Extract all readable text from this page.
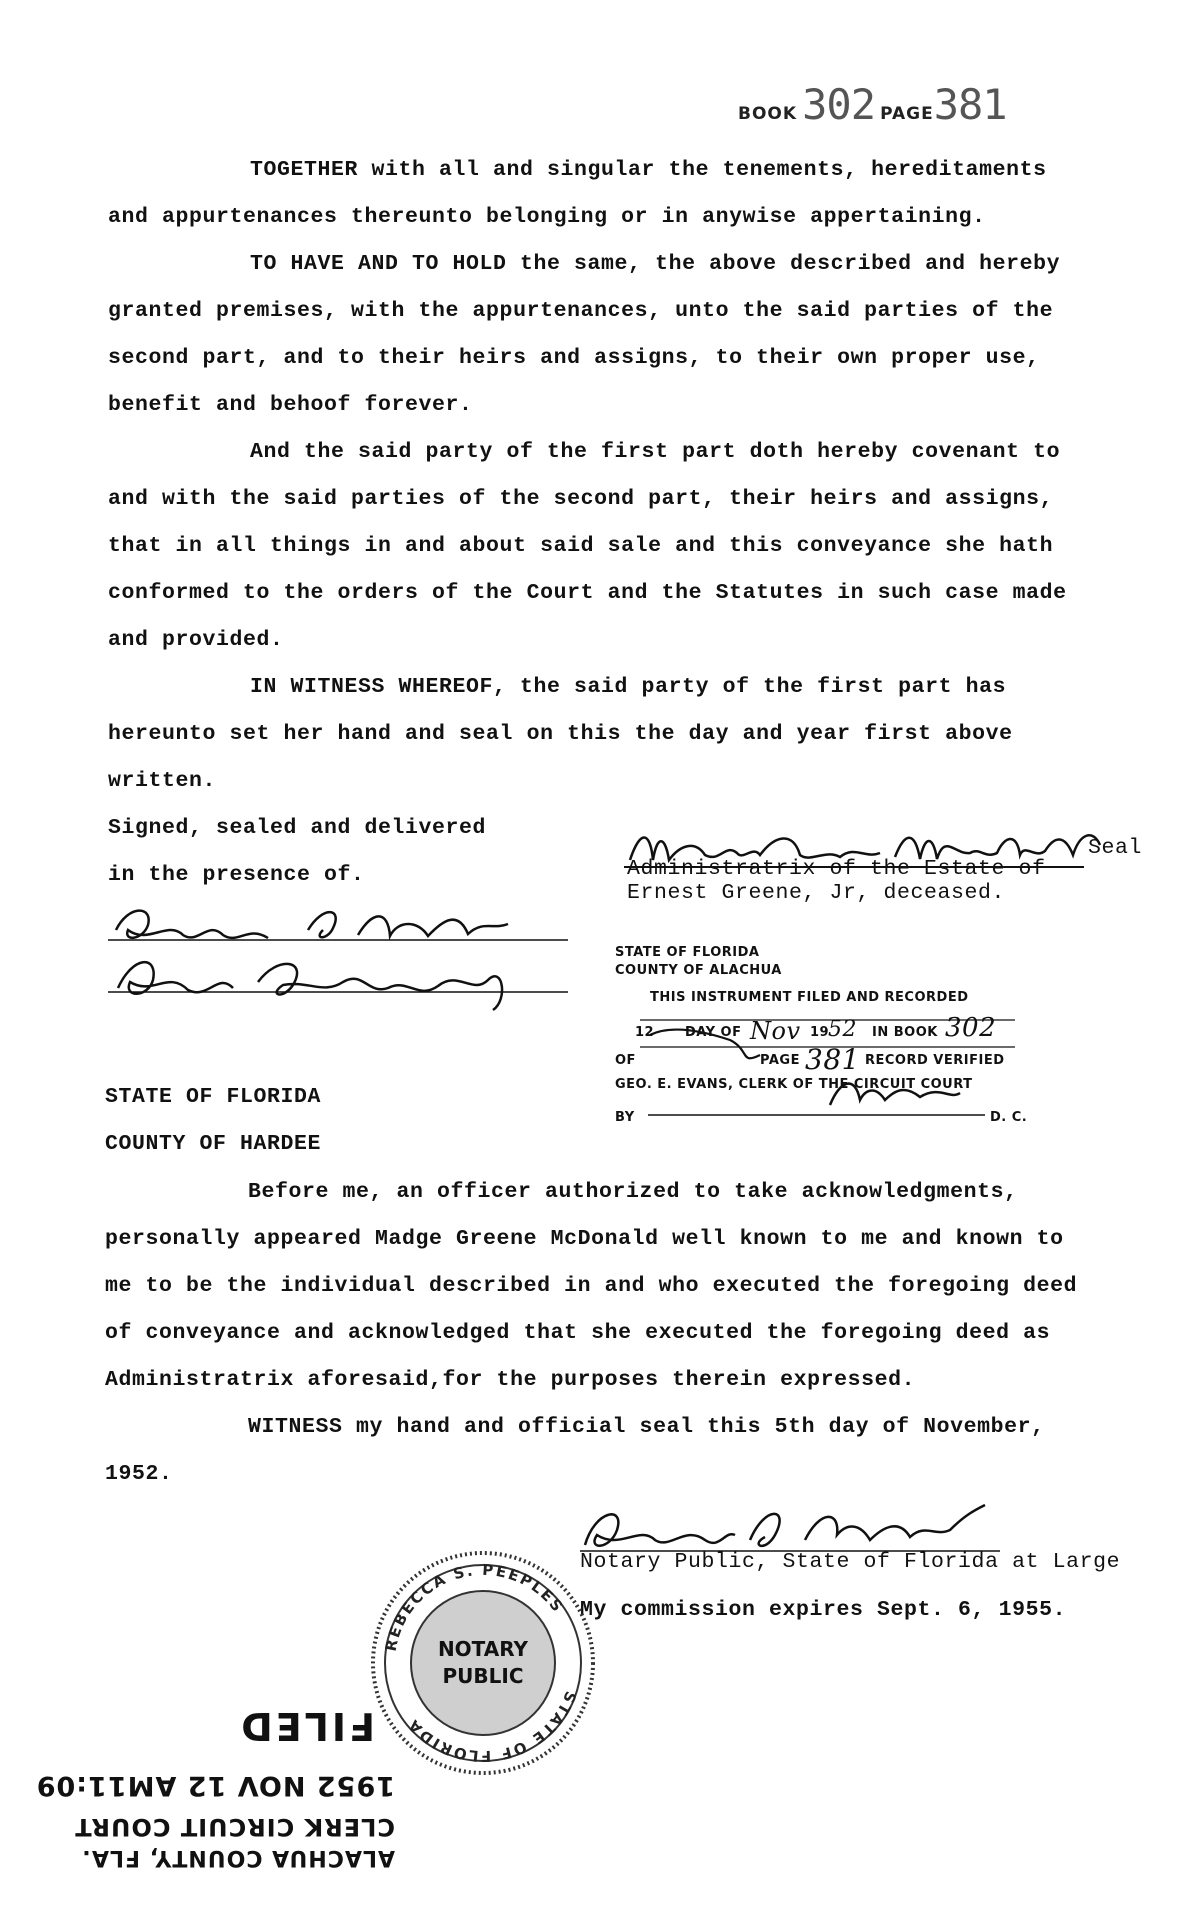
BOOK 302 PAGE381
TOGETHER with all and singular the tenements, hereditaments
and appurtenances thereunto belonging or in anywise appertaining.
TO HAVE AND TO HOLD the same, the above described and hereby
granted premises, with the appurtenances, unto the said parties of the
second part, and to their heirs and assigns, to their own proper use,
benefit and behoof forever.
And the said party of the first part doth hereby covenant to
and with the said parties of the second part, their heirs and assigns,
that in all things in and about said sale and this conveyance she hath
conformed to the orders of the Court and the Statutes in such case made
and provided.
IN WITNESS WHEREOF, the said party of the first part has
hereunto set her hand and seal on this the day and year first above
written.
Signed, sealed and delivered
in the presence of.
Seal
Administratrix of the Estate of
Ernest Greene, Jr, deceased.
STATE OF FLORIDA
COUNTY OF ALACHUA
THIS INSTRUMENT FILED AND RECORDED
12 DAY OF Nov 19
52 IN BOOK 302
OF	PAGE 381 RECORD VERIFIED
GEO. E. EVANS, CLERK OF THE CIRCUIT COURT
BY	D. C.
STATE OF FLORIDA
COUNTY OF HARDEE
Before me, an officer authorized to take acknowledgments,
personally appeared Madge Greene McDonald well known to me and known to
me to be the individual described in and who executed the foregoing deed
of conveyance and acknowledged that she executed the foregoing deed as
Administratrix aforesaid,for the purposes therein expressed.
WITNESS my hand and official seal this 5th day of November,
1952.
Notary Public, State of Florida at Large
My commission expires Sept. 6, 1955.
REBECCA S. PEEPLES
STATE OF FLORIDA
NOTARY
PUBLIC
ALACHUA COUNTY, FLA.
CLERK CIRCUIT COURT
1952 NOV 12 AM11:09
FILED
